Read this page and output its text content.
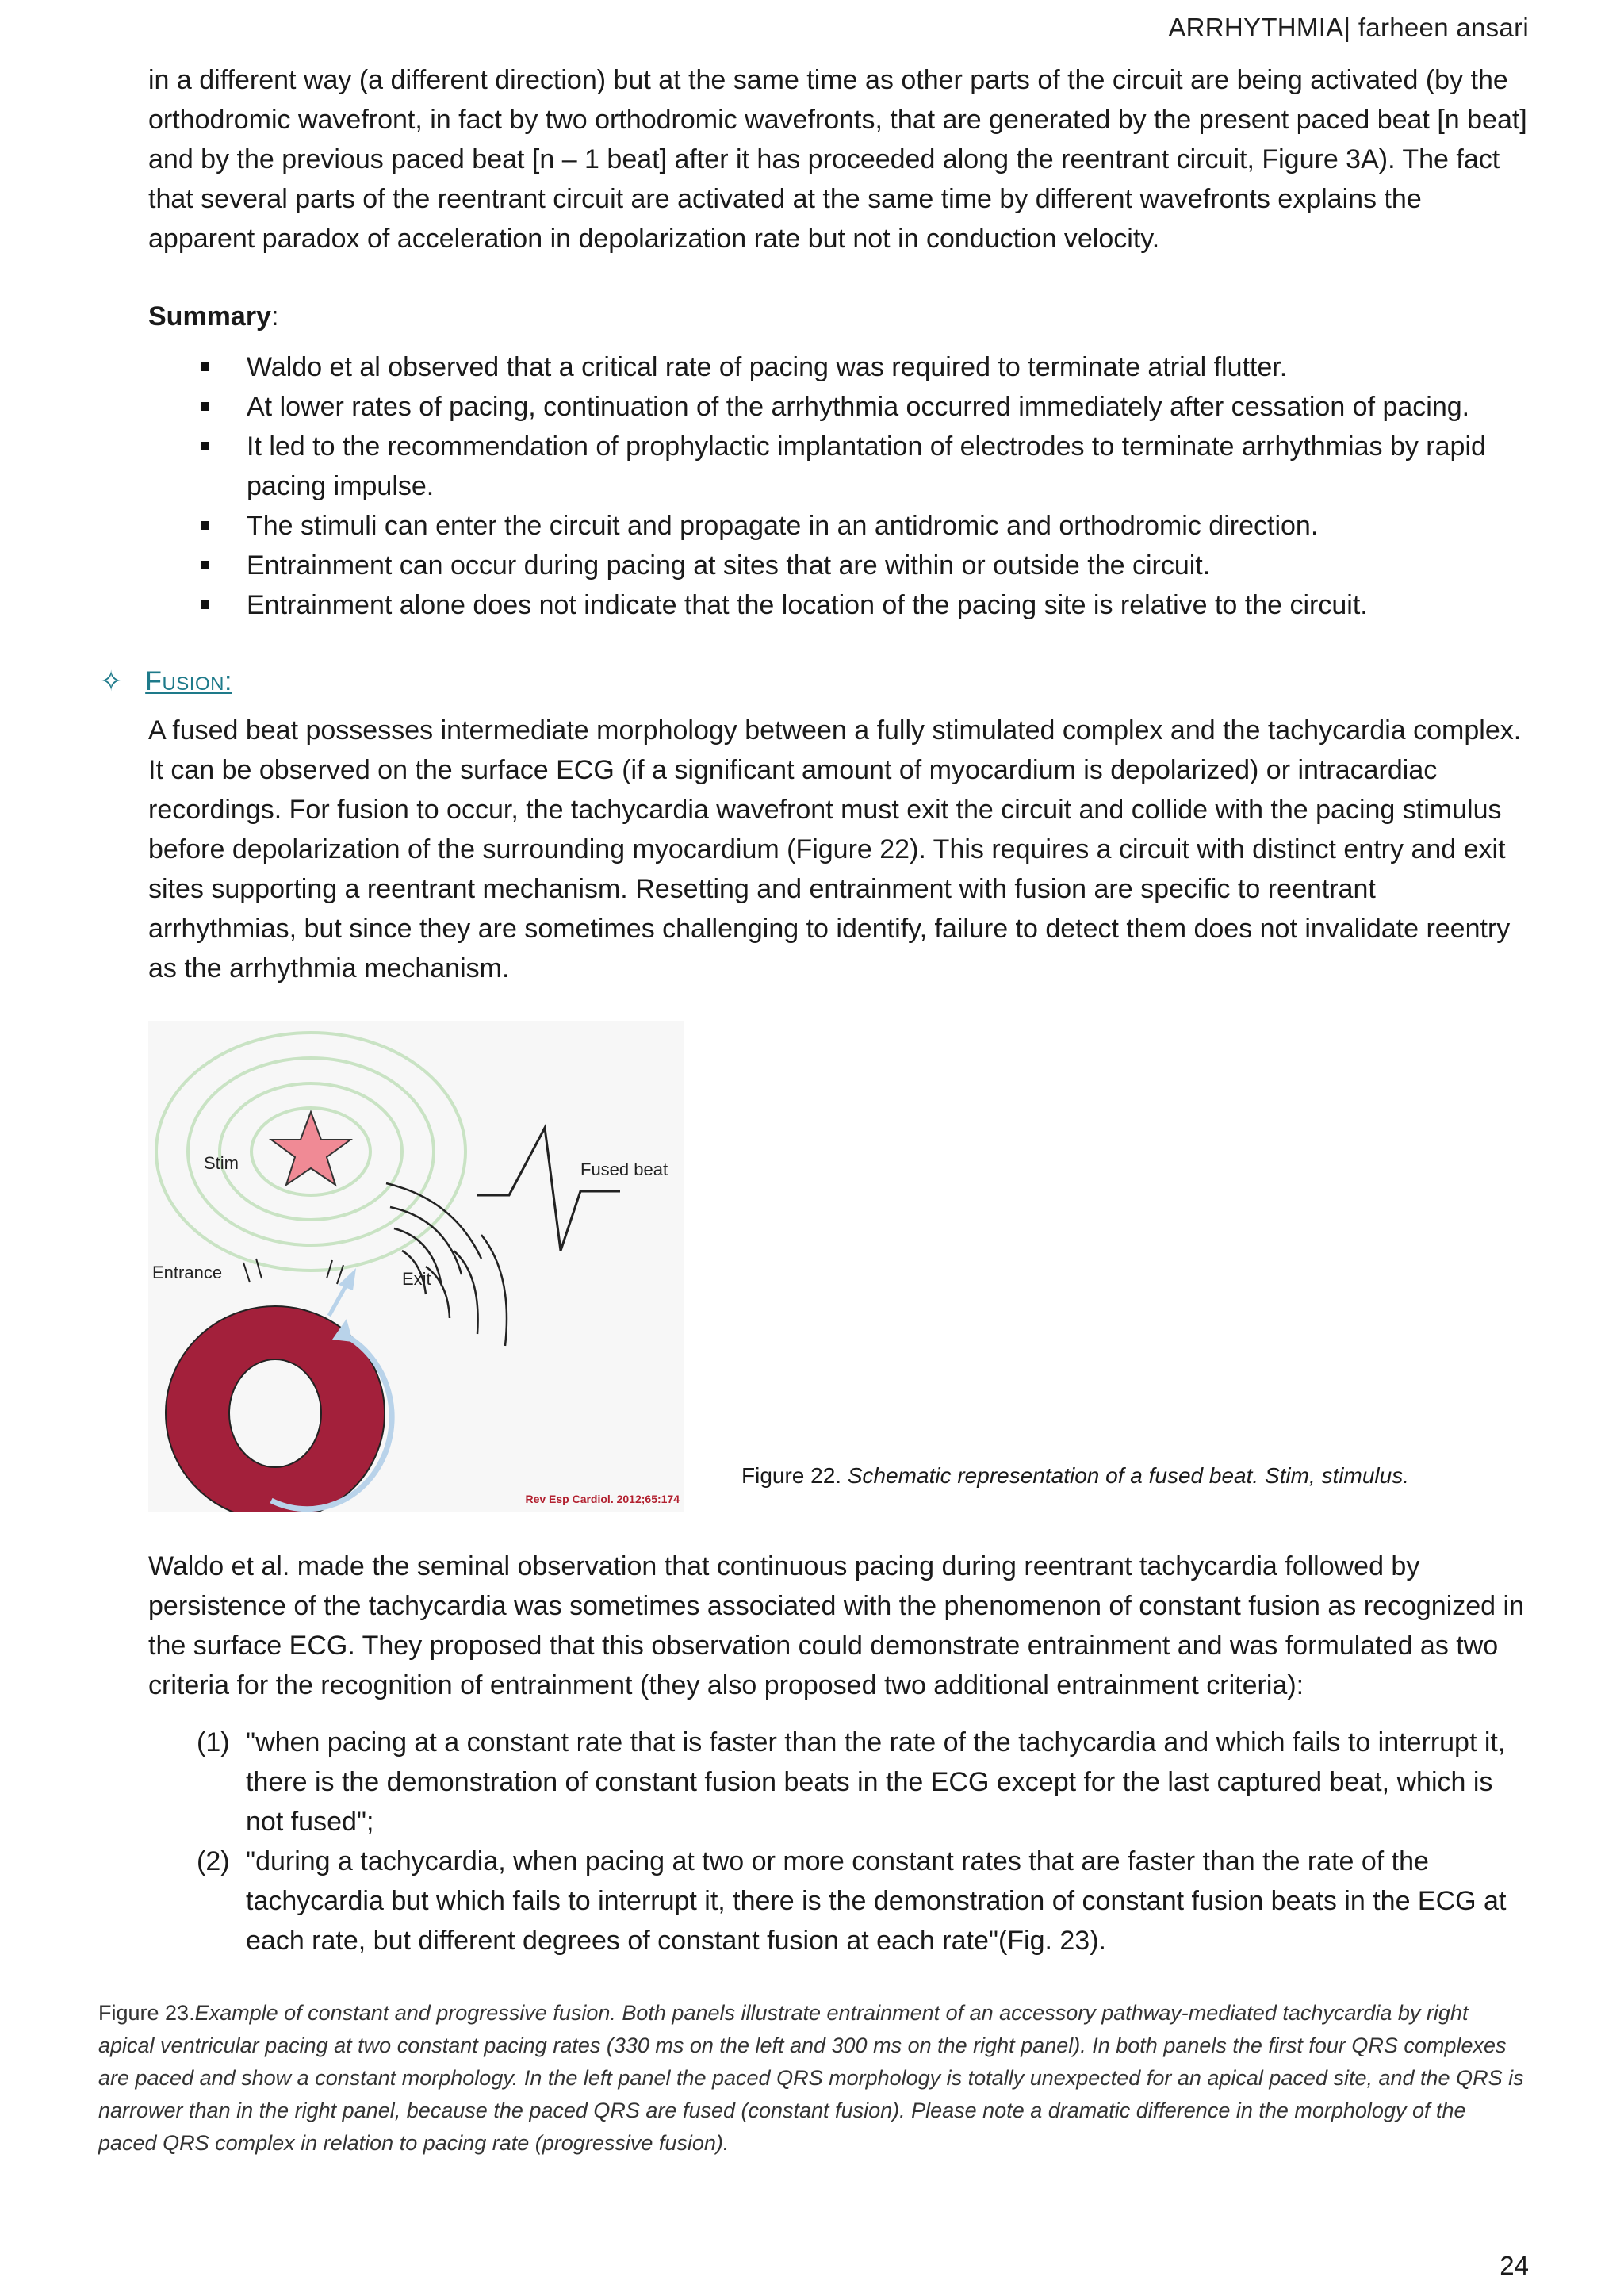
ARRHYTHMIA| farheen ansari

in a different way (a different direction) but at the same time as other parts of the circuit are being activated (by the orthodromic wavefront, in fact by two orthodromic wavefronts, that are generated by the present paced beat [n beat] and by the previous paced beat [n – 1 beat] after it has proceeded along the reentrant circuit, Figure 3A). The fact that several parts of the reentrant circuit are activated at the same time by different wavefronts explains the apparent paradox of acceleration in depolarization rate but not in conduction velocity.

Summary:

Waldo et al observed that a critical rate of pacing was required to terminate atrial flutter.
At lower rates of pacing, continuation of the arrhythmia occurred immediately after cessation of pacing.
It led to the recommendation of prophylactic implantation of electrodes to terminate arrhythmias by rapid pacing impulse.
The stimuli can enter the circuit and propagate in an antidromic and orthodromic direction.
Entrainment can occur during pacing at sites that are within or outside the circuit.
Entrainment alone does not indicate that the location of the pacing site is relative to the circuit.
✧ Fusion:

A fused beat possesses intermediate morphology between a fully stimulated complex and the tachycardia complex. It can be observed on the surface ECG (if a significant amount of myocardium is depolarized) or intracardiac recordings. For fusion to occur, the tachycardia wavefront must exit the circuit and collide with the pacing stimulus before depolarization of the surrounding myocardium (Figure 22). This requires a circuit with distinct entry and exit sites supporting a reentrant mechanism. Resetting and entrainment with fusion are specific to reentrant arrhythmias, but since they are sometimes challenging to identify, failure to detect them does not invalidate reentry as the arrhythmia mechanism.

Stim	Fused beat
Entrance	Exit
Rev Esp Cardiol. 2012;65:174
Figure 22. Schematic representation of a fused beat. Stim, stimulus.

Waldo et al. made the seminal observation that continuous pacing during reentrant tachycardia followed by persistence of the tachycardia was sometimes associated with the phenomenon of constant fusion as recognized in the surface ECG. They proposed that this observation could demonstrate entrainment and was formulated as two criteria for the recognition of entrainment (they also proposed two additional entrainment criteria):

(1) "when pacing at a constant rate that is faster than the rate of the tachycardia and which fails to interrupt it, there is the demonstration of constant fusion beats in the ECG except for the last captured beat, which is not fused";
(2) "during a tachycardia, when pacing at two or more constant rates that are faster than the rate of the tachycardia but which fails to interrupt it, there is the demonstration of constant fusion beats in the ECG at each rate, but different degrees of constant fusion at each rate"(Fig. 23).

Figure 23.Example of constant and progressive fusion. Both panels illustrate entrainment of an accessory pathway-mediated tachycardia by right apical ventricular pacing at two constant pacing rates (330 ms on the left and 300 ms on the right panel). In both panels the first four QRS complexes are paced and show a constant morphology. In the left panel the paced QRS morphology is totally unexpected for an apical paced site, and the QRS is narrower than in the right panel, because the paced QRS are fused (constant fusion). Please note a dramatic difference in the morphology of the paced QRS complex in relation to pacing rate (progressive fusion).

24
